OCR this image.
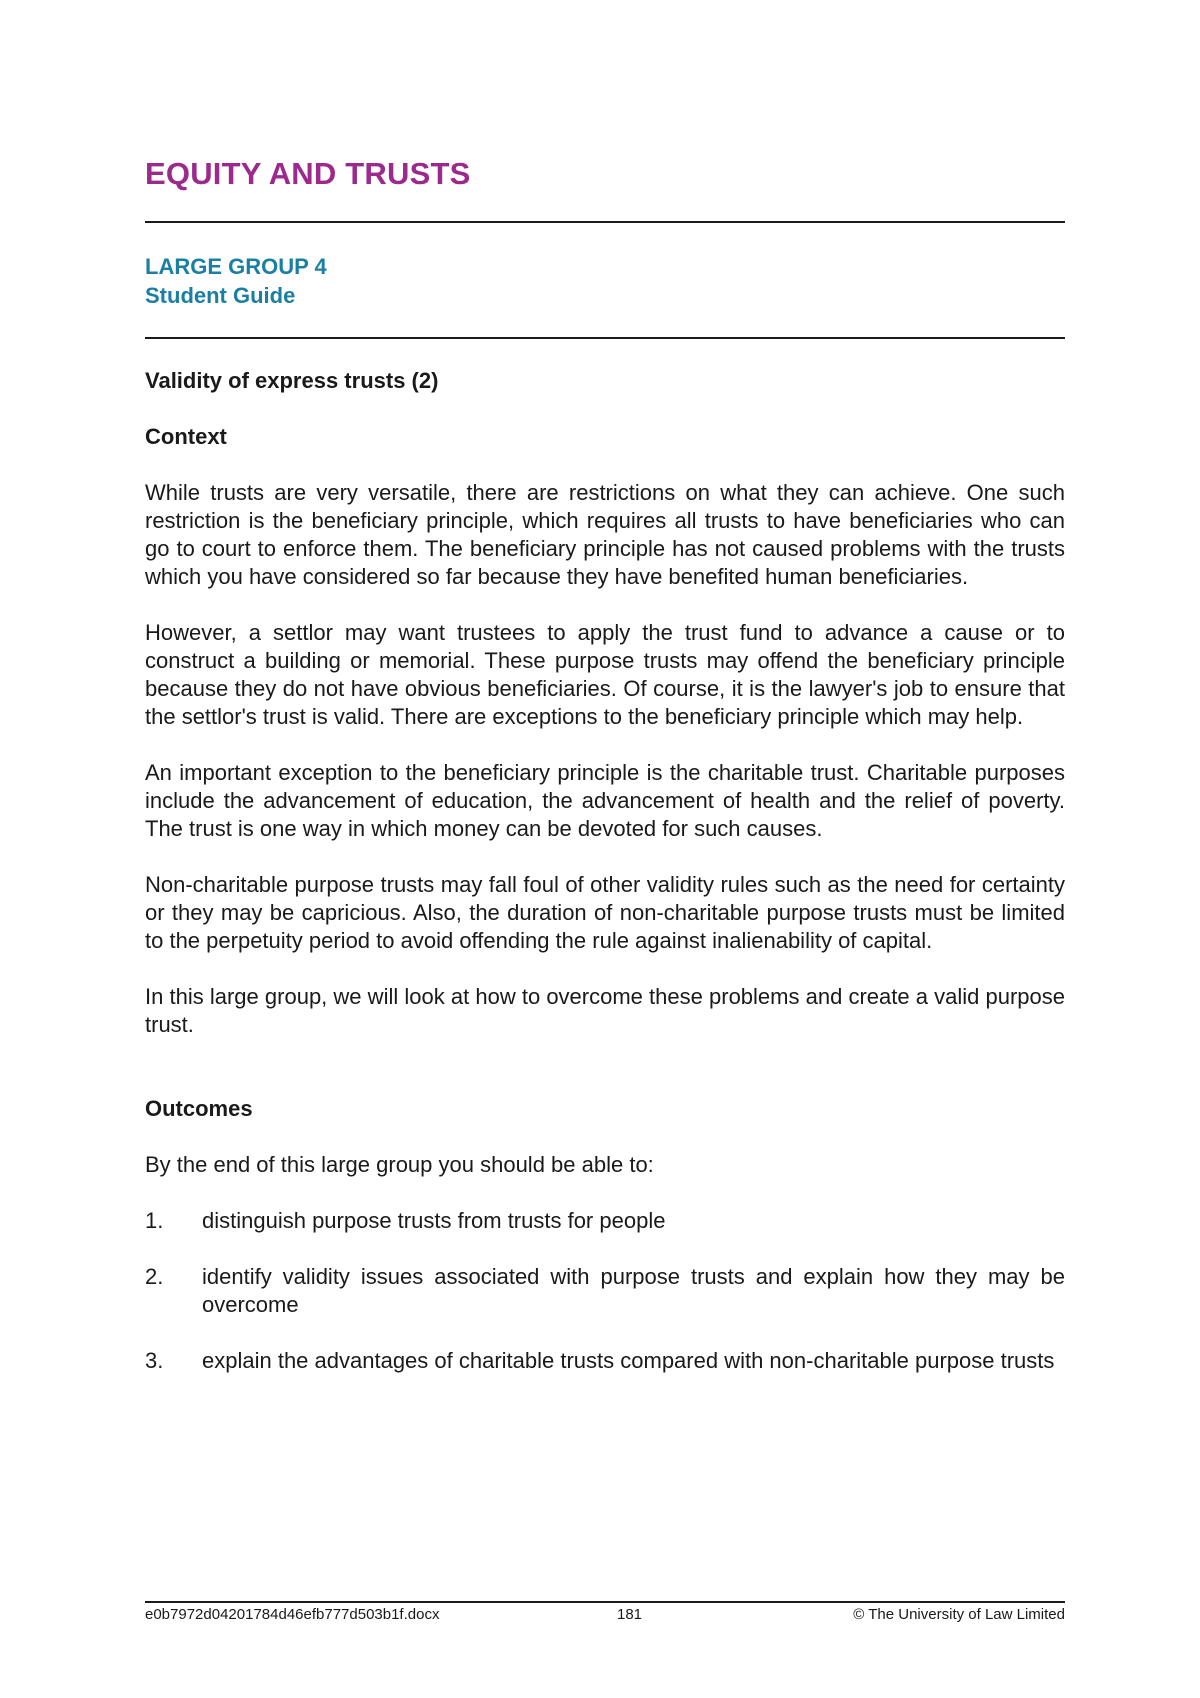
EQUITY AND TRUSTS
LARGE GROUP 4
Student Guide

Validity of express trusts (2)

Context

While trusts are very versatile, there are restrictions on what they can achieve. One such restriction is the beneficiary principle, which requires all trusts to have beneficiaries who can go to court to enforce them. The beneficiary principle has not caused problems with the trusts which you have considered so far because they have benefited human beneficiaries.

However, a settlor may want trustees to apply the trust fund to advance a cause or to construct a building or memorial. These purpose trusts may offend the beneficiary principle because they do not have obvious beneficiaries. Of course, it is the lawyer's job to ensure that the settlor's trust is valid. There are exceptions to the beneficiary principle which may help.

An important exception to the beneficiary principle is the charitable trust. Charitable purposes include the advancement of education, the advancement of health and the relief of poverty. The trust is one way in which money can be devoted for such causes.

Non-charitable purpose trusts may fall foul of other validity rules such as the need for certainty or they may be capricious. Also, the duration of non-charitable purpose trusts must be limited to the perpetuity period to avoid offending the rule against inalienability of capital.

In this large group, we will look at how to overcome these problems and create a valid purpose trust.

Outcomes

By the end of this large group you should be able to:

1.	distinguish purpose trusts from trusts for people
2.	identify validity issues associated with purpose trusts and explain how they may be overcome
3.	explain the advantages of charitable trusts compared with non-charitable purpose trusts
e0b7972d04201784d46efb777d503b1f.docx	181	© The University of Law Limited
